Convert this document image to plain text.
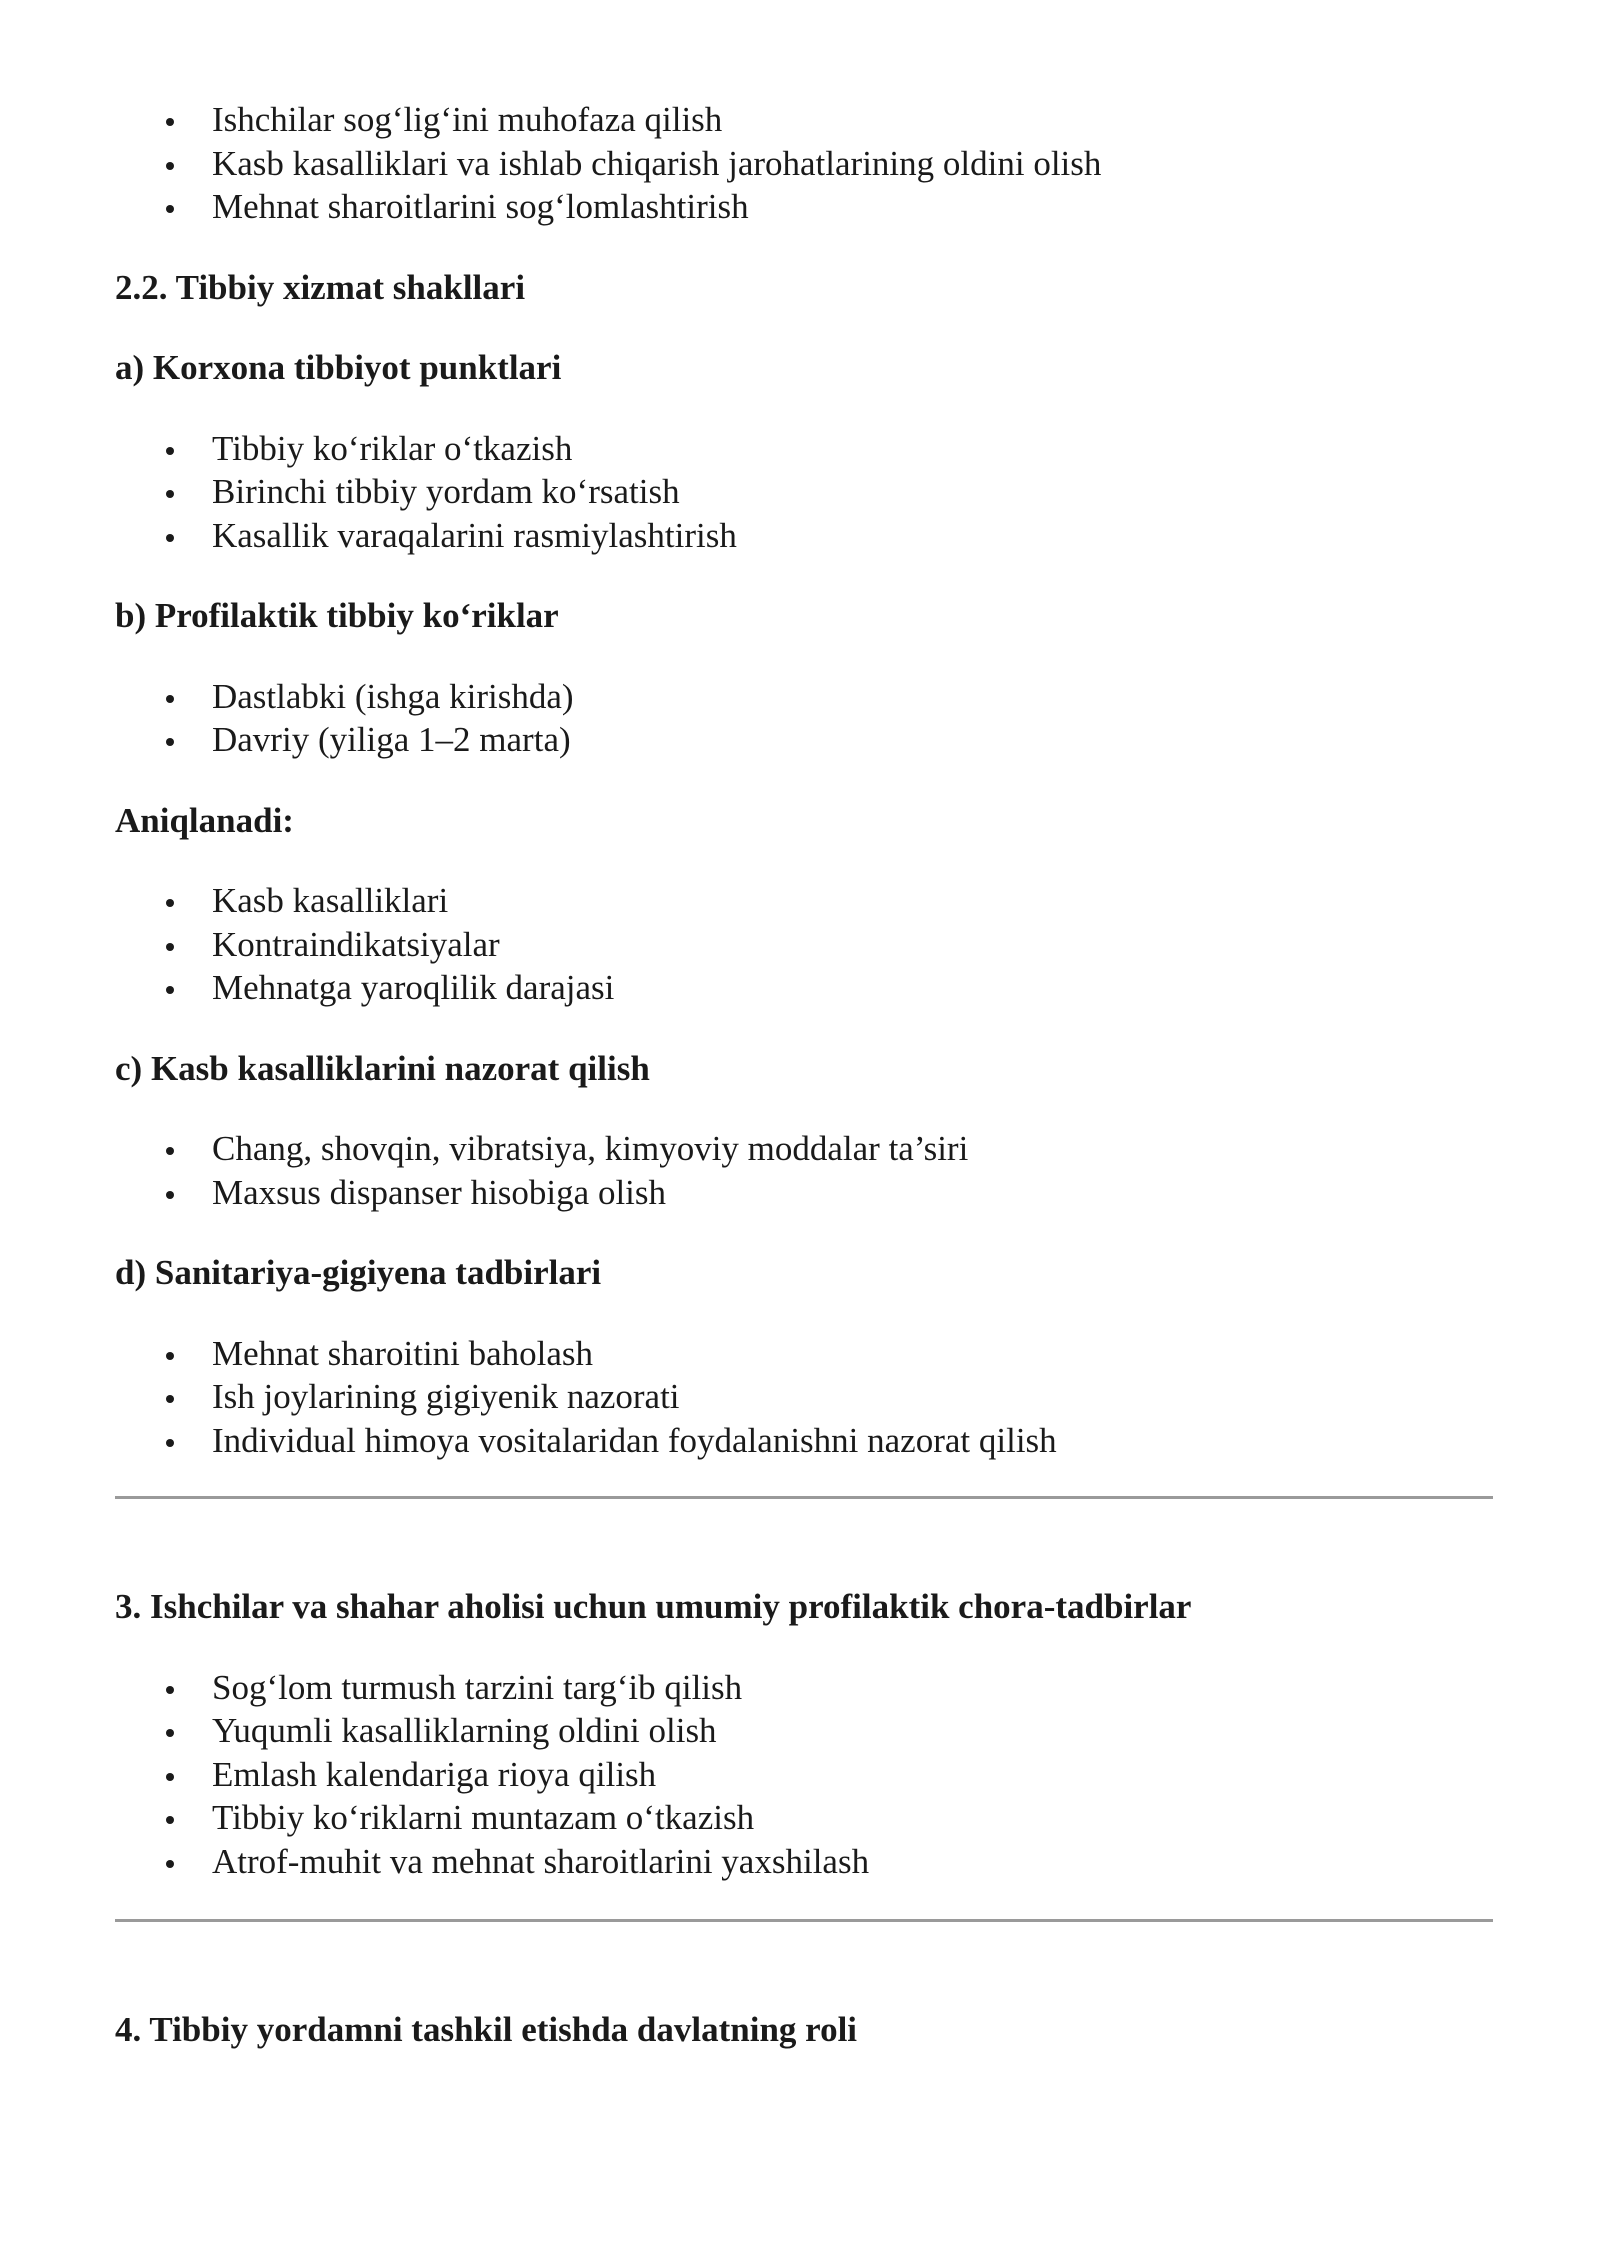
Ishchilar sog‘lig‘ini muhofaza qilish
Kasb kasalliklari va ishlab chiqarish jarohatlarining oldini olish
Mehnat sharoitlarini sog‘lomlashtirish
2.2. Tibbiy xizmat shakllari
a) Korxona tibbiyot punktlari
Tibbiy ko‘riklar o‘tkazish
Birinchi tibbiy yordam ko‘rsatish
Kasallik varaqalarini rasmiylashtirish
b) Profilaktik tibbiy ko‘riklar
Dastlabki (ishga kirishda)
Davriy (yiliga 1–2 marta)
Aniqlanadi:
Kasb kasalliklari
Kontraindikatsiyalar
Mehnatga yaroqlilik darajasi
c) Kasb kasalliklarini nazorat qilish
Chang, shovqin, vibratsiya, kimyoviy moddalar ta’siri
Maxsus dispanser hisobiga olish
d) Sanitariya-gigiyena tadbirlari
Mehnat sharoitini baholash
Ish joylarining gigiyenik nazorati
Individual himoya vositalaridan foydalanishni nazorat qilish
3. Ishchilar va shahar aholisi uchun umumiy profilaktik chora-tadbirlar
Sog‘lom turmush tarzini targ‘ib qilish
Yuqumli kasalliklarning oldini olish
Emlash kalendariga rioya qilish
Tibbiy ko‘riklarni muntazam o‘tkazish
Atrof-muhit va mehnat sharoitlarini yaxshilash
4. Tibbiy yordamni tashkil etishda davlatning roli
